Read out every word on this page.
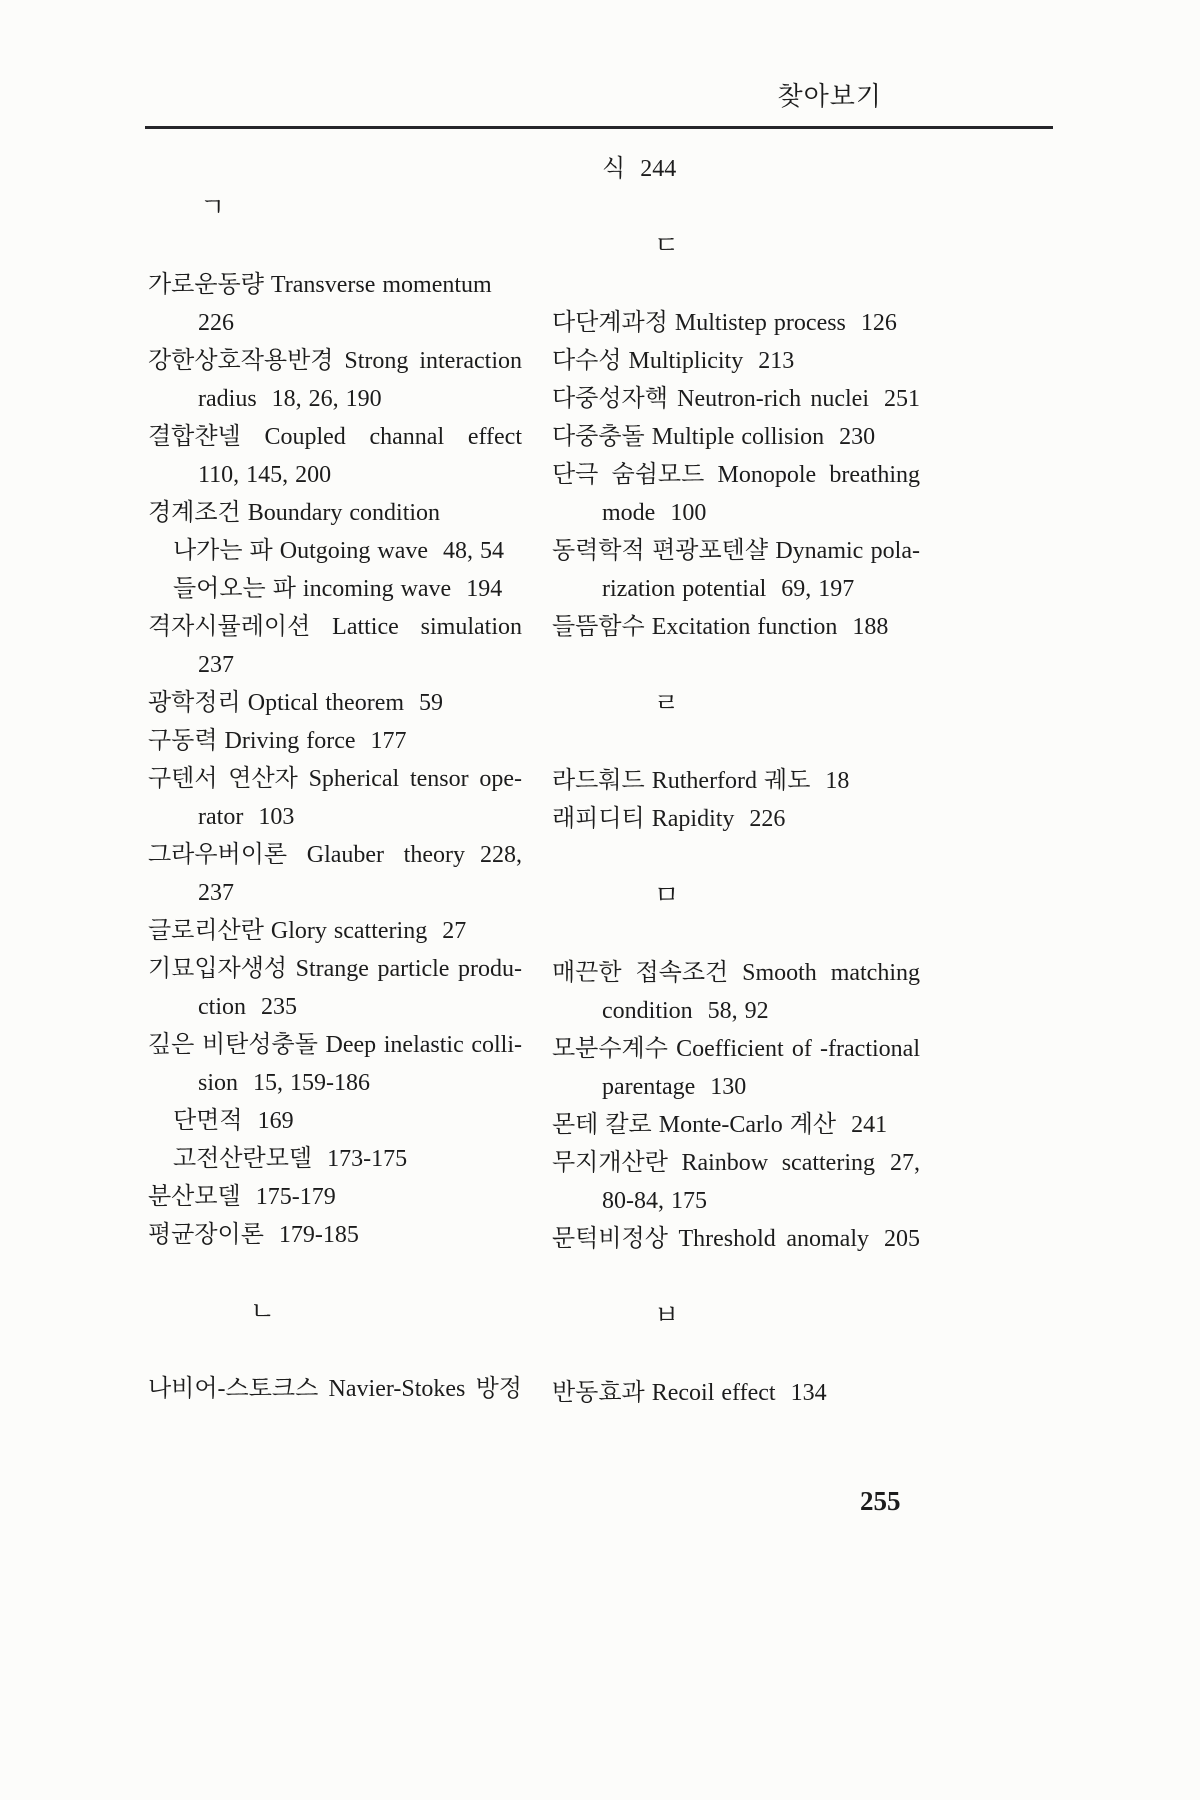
찾아보기
ㄱ
가로운동량 Transverse momentum
226
강한상호작용반경 Strong interaction
radius 18, 26, 190
결합챤넬 Coupled channal effect
110, 145, 200
경계조건 Boundary condition
나가는 파 Outgoing wave 48, 54
들어오는 파 incoming wave 194
격자시뮬레이션 Lattice simulation
237
광학정리 Optical theorem 59
구동력 Driving force 177
구텐서 연산자 Spherical tensor ope-
rator 103
그라우버이론 Glauber theory 228,
237
글로리산란 Glory scattering 27
기묘입자생성 Strange particle produ-
ction 235
깊은 비탄성충돌 Deep inelastic colli-
sion 15, 159-186
단면적 169
고전산란모델 173-175
분산모델 175-179
평균장이론 179-185
ㄴ
나비어-스토크스 Navier-Stokes 방정
식 244
ㄷ
다단계과정 Multistep process 126
다수성 Multiplicity 213
다중성자핵 Neutron-rich nuclei 251
다중충돌 Multiple collision 230
단극 숨쉼모드 Monopole breathing
mode 100
동력학적 편광포텐샬 Dynamic pola-
rization potential 69, 197
들뜸함수 Excitation function 188
ㄹ
라드훠드 Rutherford 궤도 18
래피디티 Rapidity 226
ㅁ
매끈한 접속조건 Smooth matching
condition 58, 92
모분수계수 Coefficient of -fractional
parentage 130
몬테 칼로 Monte-Carlo 계산 241
무지개산란 Rainbow scattering 27,
80-84, 175
문턱비정상 Threshold anomaly 205
ㅂ
반동효과 Recoil effect 134
255
